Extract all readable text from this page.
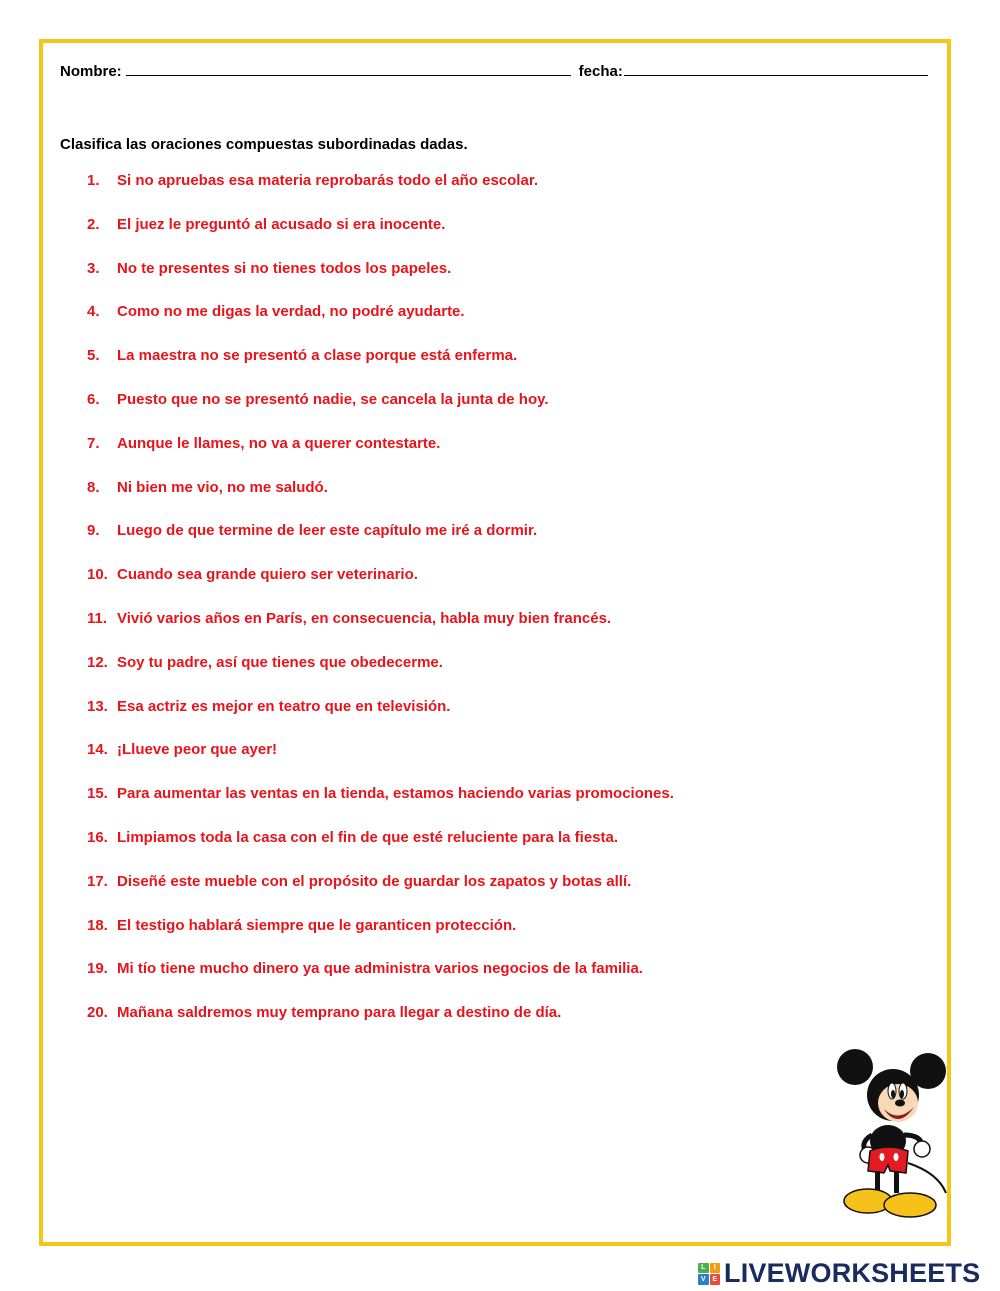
Nombre:	fecha:
Clasifica las oraciones compuestas subordinadas dadas.
1.	Si no apruebas esa materia reprobarás todo el año escolar.
2.	El juez le preguntó al acusado si era inocente.
3.	No te presentes si no tienes todos los papeles.
4.	Como no me digas la verdad, no podré ayudarte.
5.	La maestra no se presentó a clase porque está enferma.
6.	Puesto que no se presentó nadie, se cancela la junta de hoy.
7.	Aunque le llames, no va a querer contestarte.
8.	Ni bien me vio, no me saludó.
9.	Luego de que termine de leer este capítulo me iré a dormir.
10. Cuando sea grande quiero ser veterinario.
11. Vivió varios años en París, en consecuencia, habla muy bien francés.
12. Soy tu padre, así que tienes que obedecerme.
13. Esa actriz es mejor en teatro que en televisión.
14. ¡Llueve peor que ayer!
15. Para aumentar las ventas en la tienda, estamos haciendo varias promociones.
16. Limpiamos toda la casa con el fin de que esté reluciente para la fiesta.
17. Diseñé este mueble con el propósito de guardar los zapatos y botas allí.
18. El testigo hablará siempre que le garanticen protección.
19. Mi tío tiene mucho dinero ya que administra varios negocios de la familia.
20. Mañana saldremos muy temprano para llegar a destino de día.
L	I
V E LIVEWORKSHEETS
